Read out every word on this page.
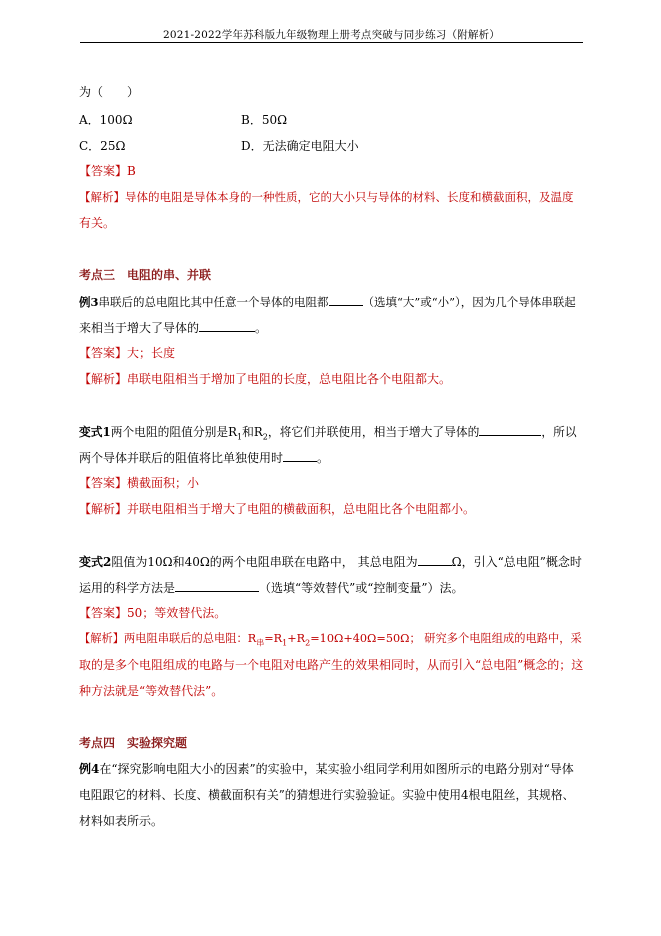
2021-2022学年苏科版九年级物理上册考点突破与同步练习（附解析）
为（　　）
A．100Ω	B．50Ω
C．25Ω	D．无法确定电阻大小
【答案】B
【解析】导体的电阻是导体本身的一种性质，它的大小只与导体的材料、长度和横截面积，及温度
有关。
考点三　电阻的串、并联
例3串联后的总电阻比其中任意一个导体的电阻都	（选填“大”或“小”），因为几个导体串联起
来相当于增大了导体的	。
【答案】大；长度
【解析】串联电阻相当于增加了电阻的长度，总电阻比各个电阻都大。
变式1两个电阻的阻值分别是$R_1$和$R_2$，将它们并联使用，相当于增大了导体的	，所以
两个导体并联后的阻值将比单独使用时	。
【答案】横截面积；小
【解析】并联电阻相当于增大了电阻的横截面积，总电阻比各个电阻都小。
变式2阻值为10Ω和40Ω的两个电阻串联在电路中， 其总电阻为	Ω，引入“总电阻”概念时
运用的科学方法是	（选填“等效替代”或“控制变量”）法。
【答案】50；等效替代法。
【解析】两电阻串联后的总电阻：$R_串=R_1+R_2=10\Omega+40\Omega=50\Omega$； 研究多个电阻组成的电路中，采
取的是多个电阻组成的电路与一个电阻对电路产生的效果相同时，从而引入“总电阻”概念的；这
种方法就是“等效替代法”。
考点四　实验探究题
例4在“探究影响电阻大小的因素”的实验中，某实验小组同学利用如图所示的电路分别对“导体
电阻跟它的材料、长度、横截面积有关”的猜想进行实验验证。实验中使用4根电阻丝，其规格、
材料如表所示。
